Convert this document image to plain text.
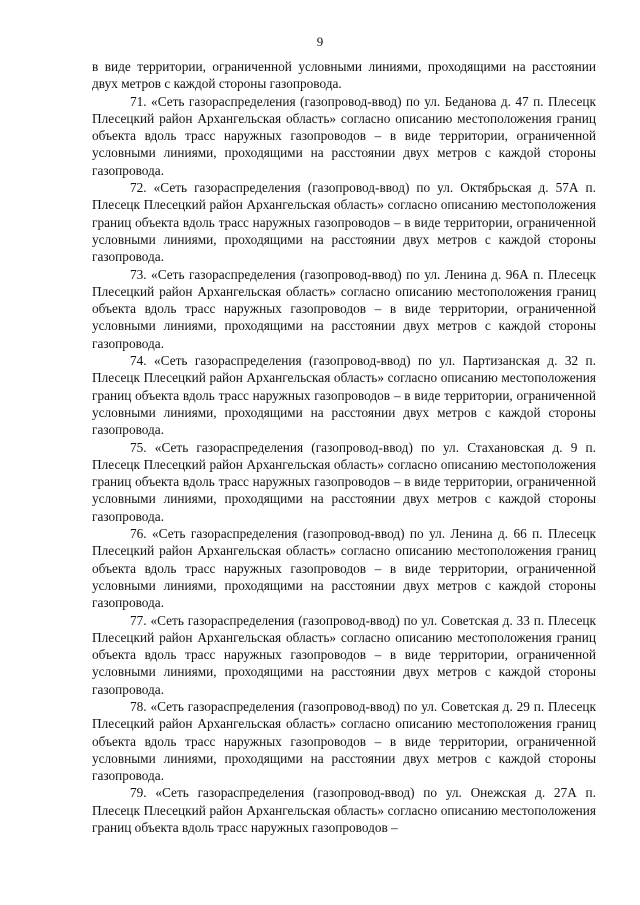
9

в виде территории, ограниченной условными линиями, проходящими на расстоянии двух метров с каждой стороны газопровода.

71. «Сеть газораспределения (газопровод-ввод) по ул. Беданова д. 47 п. Плесецк Плесецкий район Архангельская область» согласно описанию местоположения границ объекта вдоль трасс наружных газопроводов – в виде территории, ограниченной условными линиями, проходящими на расстоянии двух метров с каждой стороны газопровода.

72. «Сеть газораспределения (газопровод-ввод) по ул. Октябрьская д. 57А п. Плесецк Плесецкий район Архангельская область» согласно описанию местоположения границ объекта вдоль трасс наружных газопроводов – в виде территории, ограниченной условными линиями, проходящими на расстоянии двух метров с каждой стороны газопровода.

73. «Сеть газораспределения (газопровод-ввод) по ул. Ленина д. 96А п. Плесецк Плесецкий район Архангельская область» согласно описанию местоположения границ объекта вдоль трасс наружных газопроводов – в виде территории, ограниченной условными линиями, проходящими на расстоянии двух метров с каждой стороны газопровода.

74. «Сеть газораспределения (газопровод-ввод) по ул. Партизанская д. 32 п. Плесецк Плесецкий район Архангельская область» согласно описанию местоположения границ объекта вдоль трасс наружных газопроводов – в виде территории, ограниченной условными линиями, проходящими на расстоянии двух метров с каждой стороны газопровода.

75. «Сеть газораспределения (газопровод-ввод) по ул. Стахановская д. 9 п. Плесецк Плесецкий район Архангельская область» согласно описанию местоположения границ объекта вдоль трасс наружных газопроводов – в виде территории, ограниченной условными линиями, проходящими на расстоянии двух метров с каждой стороны газопровода.

76. «Сеть газораспределения (газопровод-ввод) по ул. Ленина д. 66 п. Плесецк Плесецкий район Архангельская область» согласно описанию местоположения границ объекта вдоль трасс наружных газопроводов – в виде территории, ограниченной условными линиями, проходящими на расстоянии двух метров с каждой стороны газопровода.

77. «Сеть газораспределения (газопровод-ввод) по ул. Советская д. 33 п. Плесецк Плесецкий район Архангельская область» согласно описанию местоположения границ объекта вдоль трасс наружных газопроводов – в виде территории, ограниченной условными линиями, проходящими на расстоянии двух метров с каждой стороны газопровода.

78. «Сеть газораспределения (газопровод-ввод) по ул. Советская д. 29 п. Плесецк Плесецкий район Архангельская область» согласно описанию местоположения границ объекта вдоль трасс наружных газопроводов – в виде территории, ограниченной условными линиями, проходящими на расстоянии двух метров с каждой стороны газопровода.

79. «Сеть газораспределения (газопровод-ввод) по ул. Онежская д. 27А п. Плесецк Плесецкий район Архангельская область» согласно описанию местоположения границ объекта вдоль трасс наружных газопроводов –
